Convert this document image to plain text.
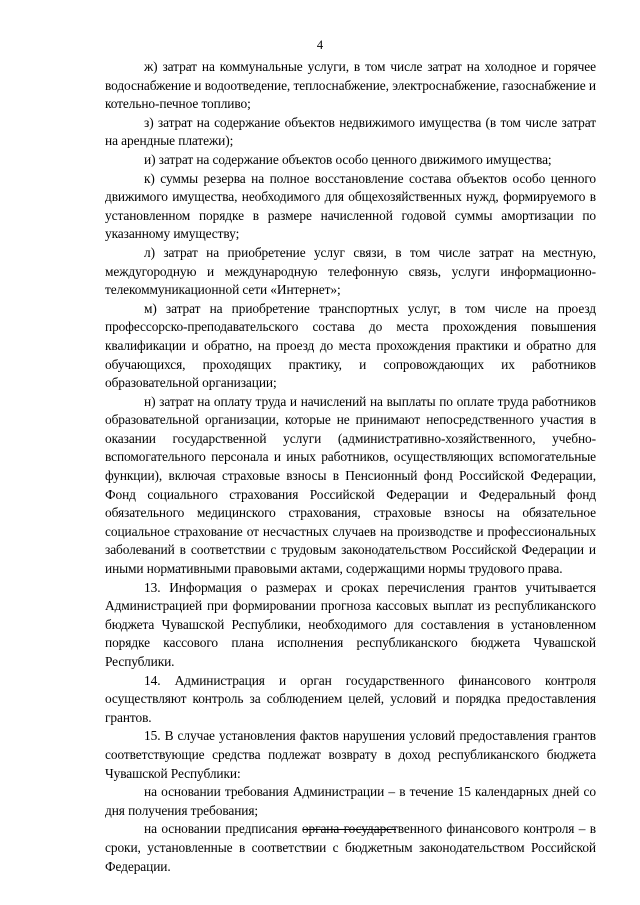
4

ж) затрат на коммунальные услуги, в том числе затрат на холодное и горячее водоснабжение и водоотведение, теплоснабжение, электроснабжение, газоснабжение и котельно-печное топливо;

з) затрат на содержание объектов недвижимого имущества (в том числе затрат на арендные платежи);

и) затрат на содержание объектов особо ценного движимого имущества;

к) суммы резерва на полное восстановление состава объектов особо ценного движимого имущества, необходимого для общехозяйственных нужд, формируемого в установленном порядке в размере начисленной годовой суммы амортизации по указанному имуществу;

л) затрат на приобретение услуг связи, в том числе затрат на местную, междугородную и международную телефонную связь, услуги информационно-телекоммуникационной сети «Интернет»;

м) затрат на приобретение транспортных услуг, в том числе на проезд профессорско-преподавательского состава до места прохождения повышения квалификации и обратно, на проезд до места прохождения практики и обратно для обучающихся, проходящих практику, и сопровождающих их работников образовательной организации;

н) затрат на оплату труда и начислений на выплаты по оплате труда работников образовательной организации, которые не принимают непосредственного участия в оказании государственной услуги (административно-хозяйственного, учебно-вспомогательного персонала и иных работников, осуществляющих вспомогательные функции), включая страховые взносы в Пенсионный фонд Российской Федерации, Фонд социального страхования Российской Федерации и Федеральный фонд обязательного медицинского страхования, страховые взносы на обязательное социальное страхование от несчастных случаев на производстве и профессиональных заболеваний в соответствии с трудовым законодательством Российской Федерации и иными нормативными правовыми актами, содержащими нормы трудового права.

13. Информация о размерах и сроках перечисления грантов учитывается Администрацией при формировании прогноза кассовых выплат из республиканского бюджета Чувашской Республики, необходимого для составления в установленном порядке кассового плана исполнения республиканского бюджета Чувашской Республики.

14. Администрация и орган государственного финансового контроля осуществляют контроль за соблюдением целей, условий и порядка предоставления грантов.

15. В случае установления фактов нарушения условий предоставления грантов соответствующие средства подлежат возврату в доход республиканского бюджета Чувашской Республики:

на основании требования Администрации – в течение 15 календарных дней со дня получения требования;

на основании предписания органа государственного финансового контроля – в сроки, установленные в соответствии с бюджетным законодательством Российской Федерации.
